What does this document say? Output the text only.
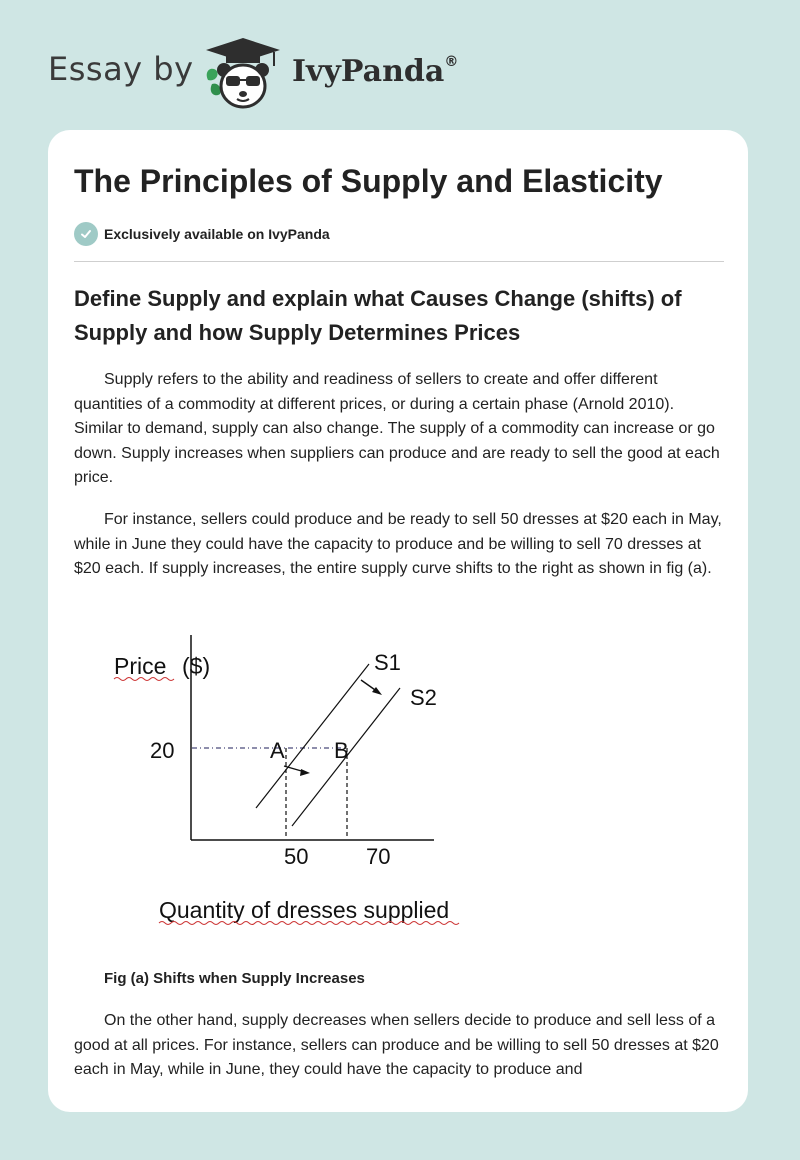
Essay by	IvyPanda®
The Principles of Supply and Elasticity
Exclusively available on IvyPanda
Define Supply and explain what Causes Change (shifts) of Supply and how Supply Determines Prices

Supply refers to the ability and readiness of sellers to create and offer different quantities of a commodity at different prices, or during a certain phase (Arnold 2010). Similar to demand, supply can also change. The supply of a commodity can increase or go down. Supply increases when suppliers can produce and are ready to sell the good at each price.

For instance, sellers could produce and be ready to sell 50 dresses at $20 each in May, while in June they could have the capacity to produce and be willing to sell 70 dresses at $20 each. If supply increases, the entire supply curve shifts to the right as shown in fig (a).

Price ($)
Quantity of dresses supplied
20
50	70
S1
S2
A B

Fig (a) Shifts when Supply Increases

On the other hand, supply decreases when sellers decide to produce and sell less of a good at all prices. For instance, sellers can produce and be willing to sell 50 dresses at $20 each in May, while in June, they could have the capacity to produce and
